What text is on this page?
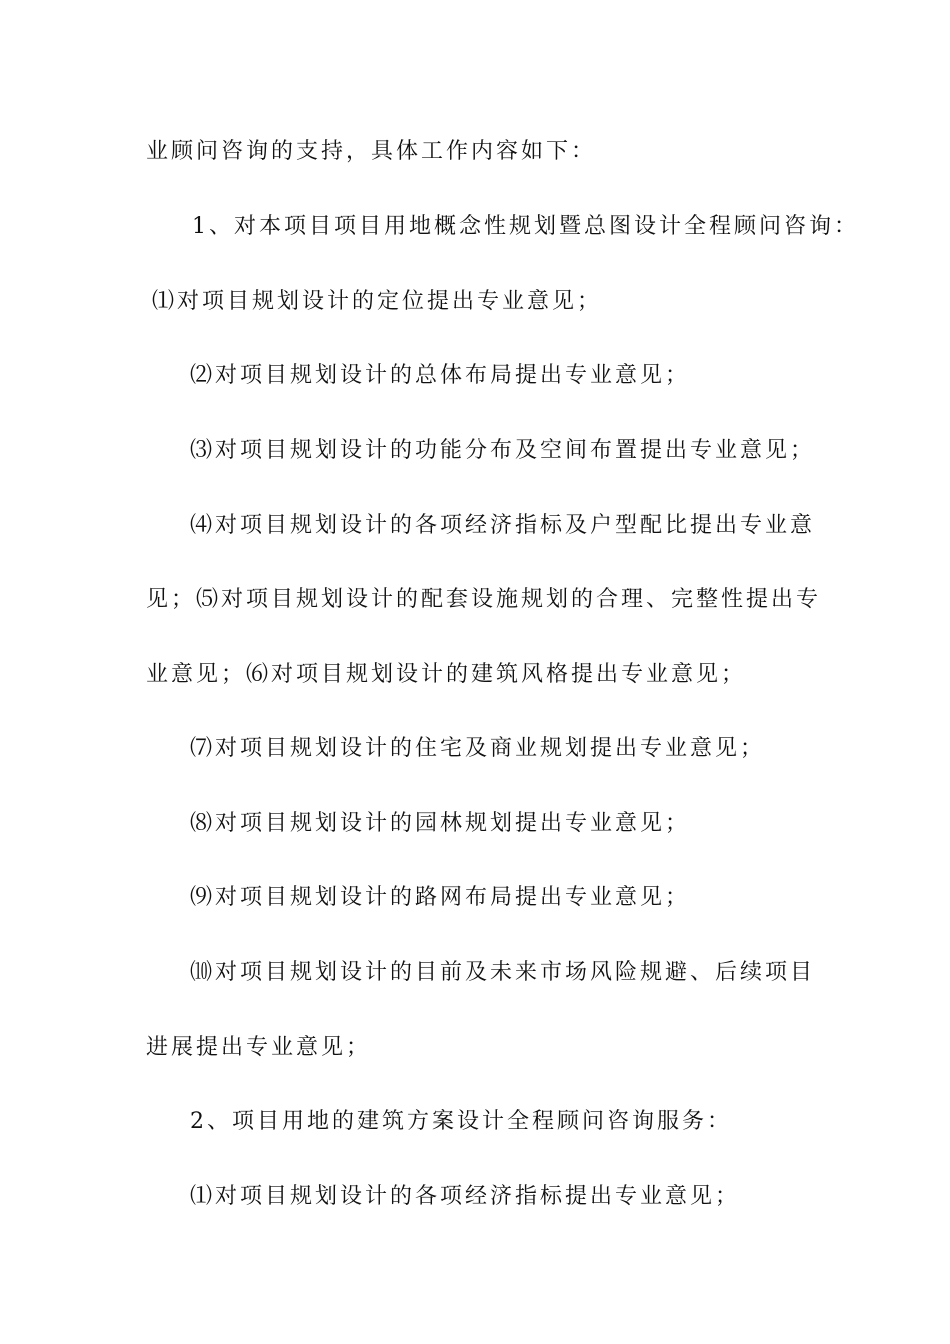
业顾问咨询的支持，具体工作内容如下：
1、对本项目项目用地概念性规划暨总图设计全程顾问咨询：
⑴对项目规划设计的定位提出专业意见；
⑵对项目规划设计的总体布局提出专业意见；
⑶对项目规划设计的功能分布及空间布置提出专业意见；
⑷对项目规划设计的各项经济指标及户型配比提出专业意
见；⑸对项目规划设计的配套设施规划的合理、完整性提出专
业意见；⑹对项目规划设计的建筑风格提出专业意见；
⑺对项目规划设计的住宅及商业规划提出专业意见；
⑻对项目规划设计的园林规划提出专业意见；
⑼对项目规划设计的路网布局提出专业意见；
⑽对项目规划设计的目前及未来市场风险规避、后续项目
进展提出专业意见；
2、项目用地的建筑方案设计全程顾问咨询服务：
⑴对项目规划设计的各项经济指标提出专业意见；
